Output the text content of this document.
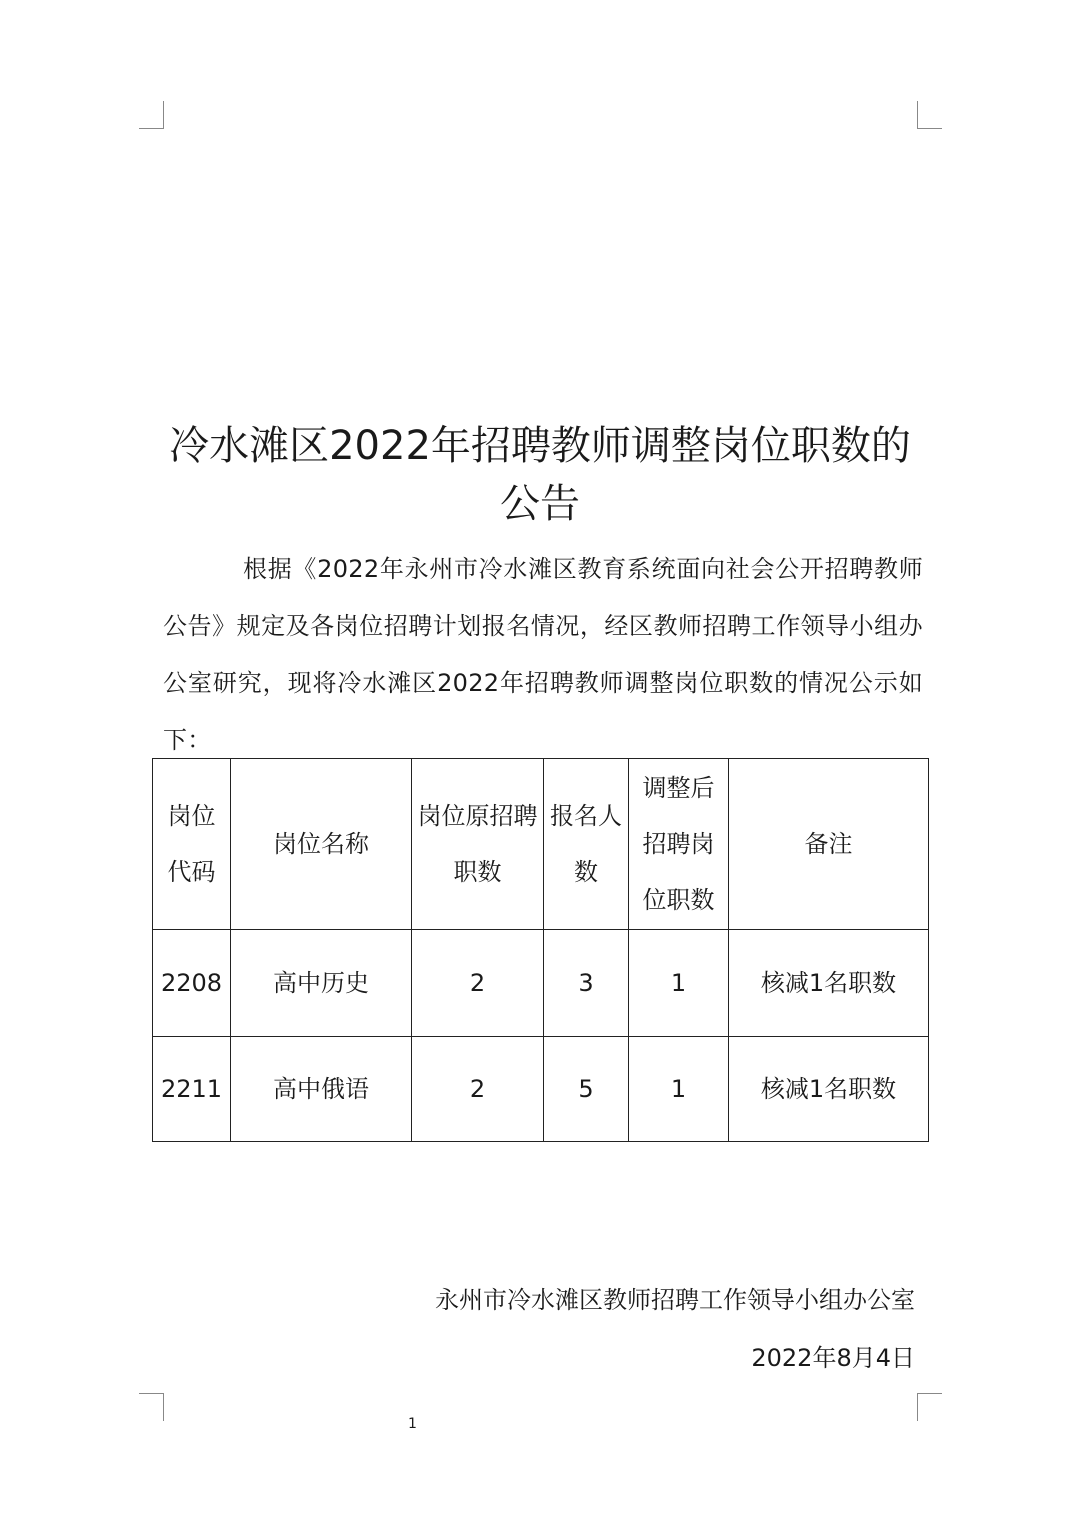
冷水滩区2022年招聘教师调整岗位职数的
公告

根据《2022年永州市冷水滩区教育系统面向社会公开招聘教师公告》规定及各岗位招聘计划报名情况，经区教师招聘工作领导小组办公室研究，现将冷水滩区2022年招聘教师调整岗位职数的情况公示如下：

岗位代码	岗位名称	岗位原招聘职数	报名人数	调整后招聘岗位职数	备注
2208	高中历史	2	3	1	核减1名职数
2211	高中俄语	2	5	1	核减1名职数

永州市冷水滩区教师招聘工作领导小组办公室

2022年8月4日

1
